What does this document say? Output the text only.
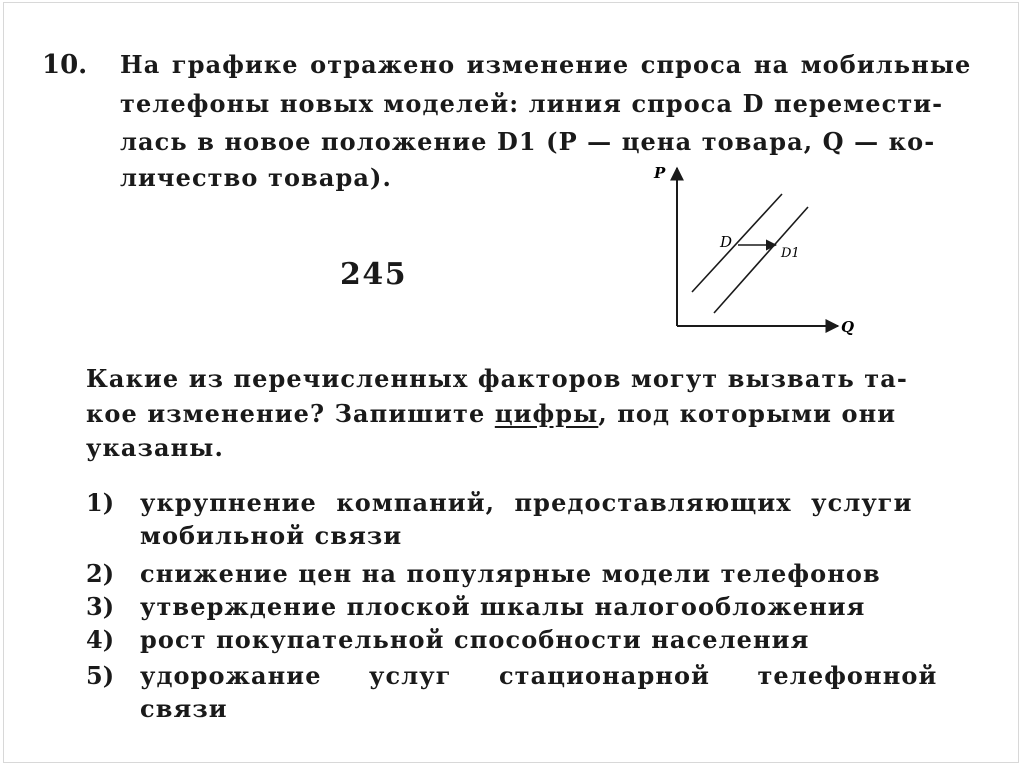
10. На графике отражено изменение спроса на мобильные
телефоны новых моделей: линия спроса D перемести-
лась в новое положение D1 (P — цена товара, Q — ко-
личество товара).	P
Q
D
D1
245
Какие из перечисленных факторов могут вызвать та-
кое изменение? Запишите цифры, под которыми они
указаны.
1) укрупнение компаний, предоставляющих услуги
мобильной связи
2) снижение цен на популярные модели телефонов
3) утверждение плоской шкалы налогообложения
4) рост покупательной способности населения
5) удорожание услуг стационарной телефонной
связи
